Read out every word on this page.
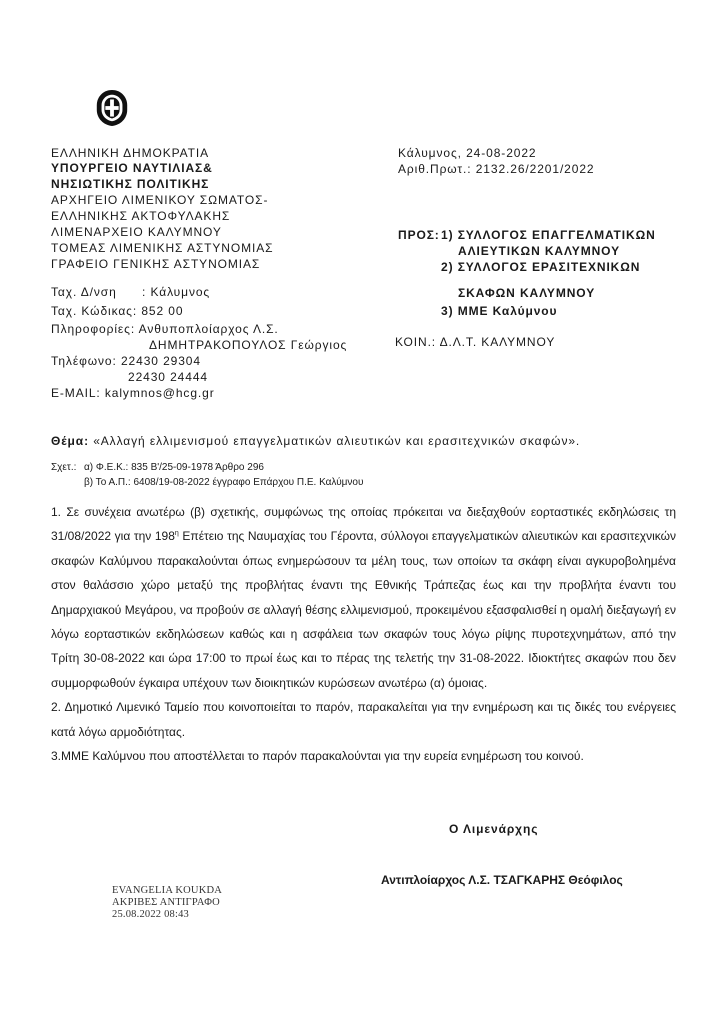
ΕΛΛΗΝΙΚΗ ΔΗΜΟΚΡΑΤΙΑ
ΥΠΟΥΡΓΕΙΟ ΝΑΥΤΙΛΙΑΣ&
ΝΗΣΙΩΤΙΚΗΣ ΠΟΛΙΤΙΚΗΣ
ΑΡΧΗΓΕΙΟ ΛΙΜΕΝΙΚΟΥ ΣΩΜΑΤΟΣ-
ΕΛΛΗΝΙΚΗΣ ΑΚΤΟΦΥΛΑΚΗΣ
ΛΙΜΕΝΑΡΧΕΙΟ ΚΑΛΥΜΝΟΥ
ΤΟΜΕΑΣ ΛΙΜΕΝΙΚΗΣ ΑΣΤΥΝΟΜΙΑΣ
ΓΡΑΦΕΙΟ ΓΕΝΙΚΗΣ ΑΣΤΥΝΟΜΙΑΣ
Ταχ. Δ/νση : Κάλυμνος
Ταχ. Κώδικας: 852 00
Πληροφορίες: Ανθυποπλοίαρχος Λ.Σ.
ΔΗΜΗΤΡΑΚΟΠΟΥΛΟΣ Γεώργιος
Τηλέφωνο: 22430 29304
22430 24444
E-MAIL: kalymnos@hcg.gr
Κάλυμνος, 24-08-2022
Αριθ.Πρωτ.: 2132.26/2201/2022
ΠΡΟΣ: 1) ΣΥΛΛΟΓΟΣ ΕΠΑΓΓΕΛΜΑΤΙΚΩΝ
ΑΛΙΕΥΤΙΚΩΝ ΚΑΛΥΜΝΟΥ
2) ΣΥΛΛΟΓΟΣ ΕΡΑΣΙΤΕΧΝΙΚΩΝ
ΣΚΑΦΩΝ ΚΑΛΥΜΝΟΥ
3) ΜΜΕ Καλύμνου
ΚΟΙΝ.: Δ.Λ.Τ. ΚΑΛΥΜΝΟΥ
Θέμα: «Αλλαγή ελλιμενισμού επαγγελματικών αλιευτικών και ερασιτεχνικών σκαφών».
Σχετ.: α) Φ.Ε.Κ.: 835 Β'/25-09-1978 Άρθρο 296
β) Το Α.Π.: 6408/19-08-2022 έγγραφο Επάρχου Π.Ε. Καλύμνου

1. Σε συνέχεια ανωτέρω (β) σχετικής, συμφώνως της οποίας πρόκειται να διεξαχθούν εορταστικές εκδηλώσεις τη 31/08/2022 για την $198^\eta$ Επέτειο της Ναυμαχίας του Γέροντα, σύλλογοι επαγγελματικών αλιευτικών και ερασιτεχνικών σκαφών Καλύμνου παρακαλούνται όπως ενημερώσουν τα μέλη τους, των οποίων τα σκάφη είναι αγκυροβολημένα στον θαλάσσιο χώρο μεταξύ της προβλήτας έναντι της Εθνικής Τράπεζας έως και την προβλήτα έναντι του Δημαρχιακού Μεγάρου, να προβούν σε αλλαγή θέσης ελλιμενισμού, προκειμένου εξασφαλισθεί η ομαλή διεξαγωγή εν λόγω εορταστικών εκδηλώσεων καθώς και η ασφάλεια των σκαφών τους λόγω ρίψης πυροτεχνημάτων, από την Τρίτη 30-08-2022 και ώρα 17:00 το πρωί έως και το πέρας της τελετής την 31-08-2022. Ιδιοκτήτες σκαφών που δεν συμμορφωθούν έγκαιρα υπέχουν των διοικητικών κυρώσεων ανωτέρω (α) όμοιας.

2. Δημοτικό Λιμενικό Ταμείο που κοινοποιείται το παρόν, παρακαλείται για την ενημέρωση και τις δικές του ενέργειες κατά λόγω αρμοδιότητας.

3.ΜΜΕ Καλύμνου που αποστέλλεται το παρόν παρακαλούνται για την ευρεία ενημέρωση του κοινού.

Ο Λιμενάρχης
Αντιπλοίαρχος Λ.Σ. ΤΣΑΓΚΑΡΗΣ Θεόφιλος
EVANGELIA KOUKDA
ΑΚΡΙΒΕΣ ΑΝΤΙΓΡΑΦΟ
25.08.2022 08:43
